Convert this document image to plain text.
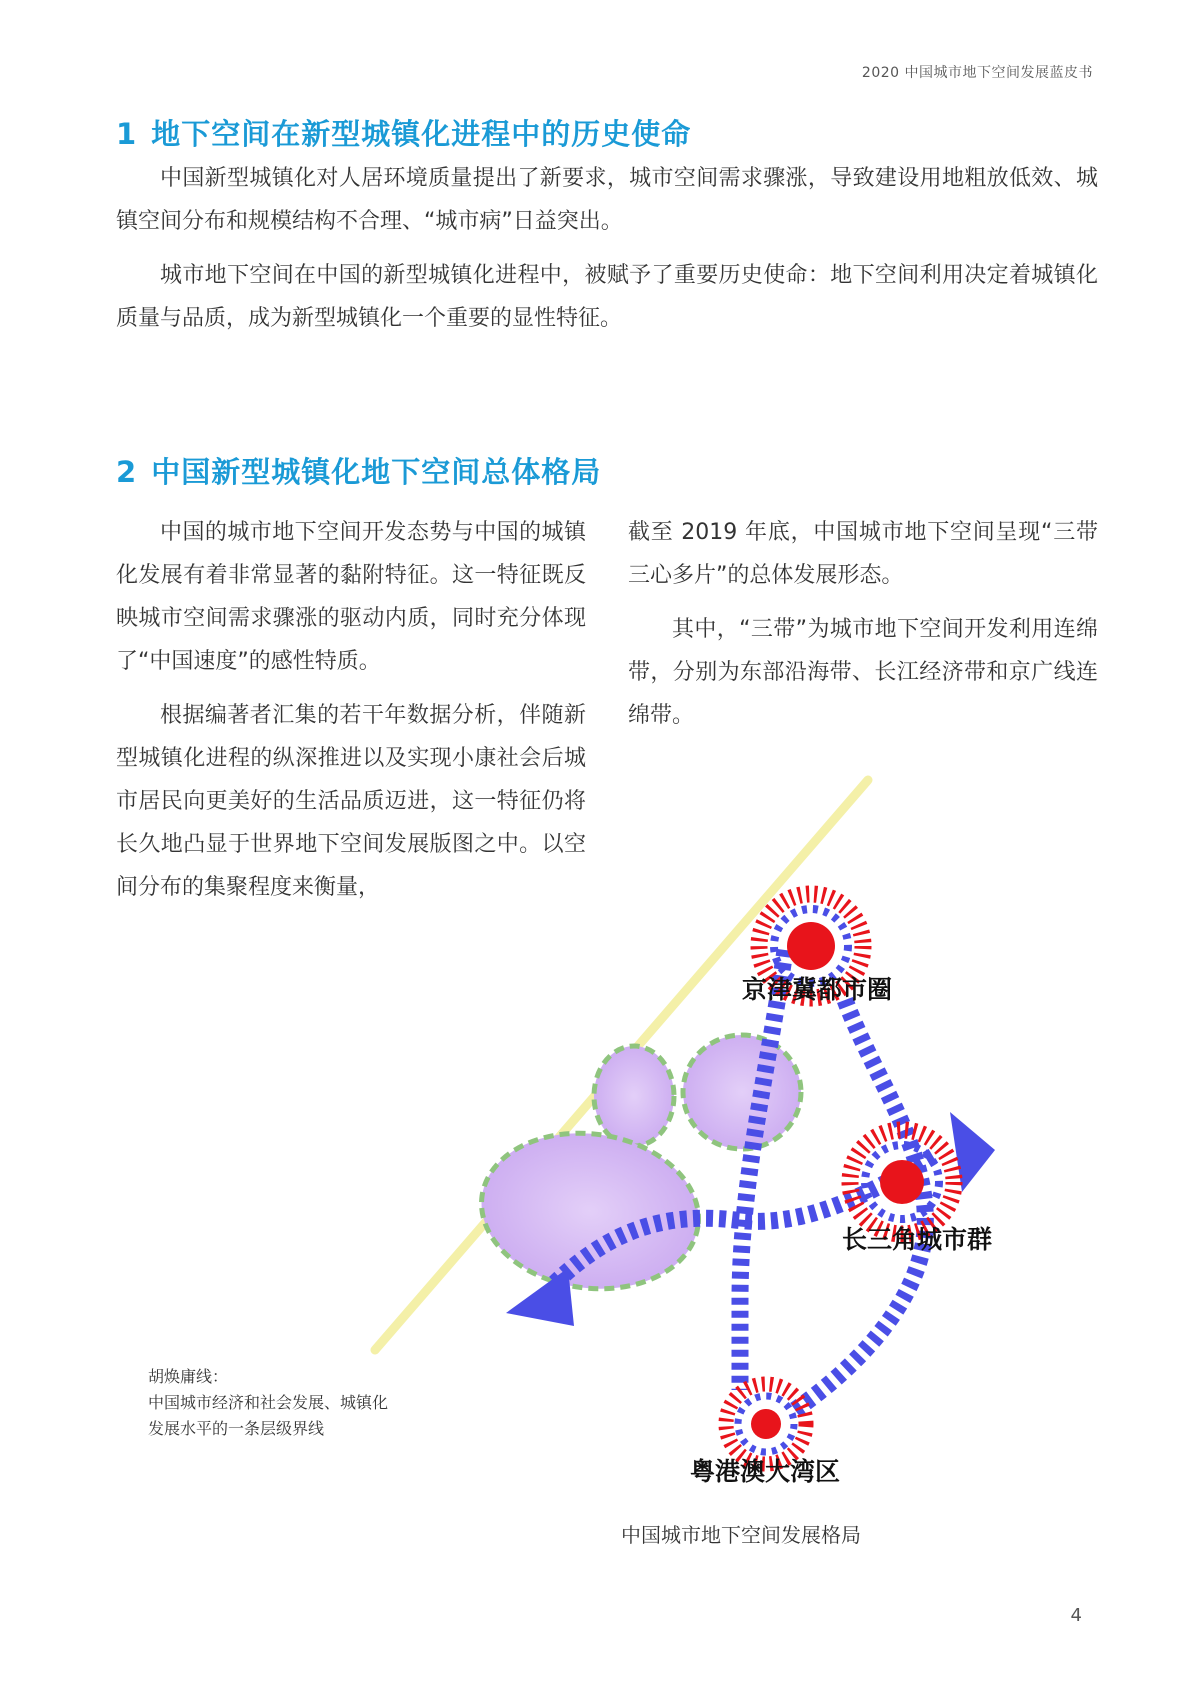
2020 中国城市地下空间发展蓝皮书
1 地下空间在新型城镇化进程中的历史使命

中国新型城镇化对人居环境质量提出了新要求，城市空间需求骤涨，导致建设用地粗放低效、城镇空间分布和规模结构不合理、“城市病”日益突出。

城市地下空间在中国的新型城镇化进程中，被赋予了重要历史使命：地下空间利用决定着城镇化质量与品质，成为新型城镇化一个重要的显性特征。

2 中国新型城镇化地下空间总体格局

中国的城市地下空间开发态势与中国的城镇化发展有着非常显著的黏附特征。这一特征既反映城市空间需求骤涨的驱动内质，同时充分体现了“中国速度”的感性特质。

根据编著者汇集的若干年数据分析，伴随新型城镇化进程的纵深推进以及实现小康社会后城市居民向更美好的生活品质迈进，这一特征仍将长久地凸显于世界地下空间发展版图之中。以空间分布的集聚程度来衡量，

截至 2019 年底，中国城市地下空间呈现“三带三心多片”的总体发展形态。

其中，“三带”为城市地下空间开发利用连绵带，分别为东部沿海带、长江经济带和京广线连绵带。

京津冀都市圈
长三角城市群
粤港澳大湾区
胡焕庸线：
中国城市经济和社会发展、城镇化
发展水平的一条层级界线
中国城市地下空间发展格局
4
